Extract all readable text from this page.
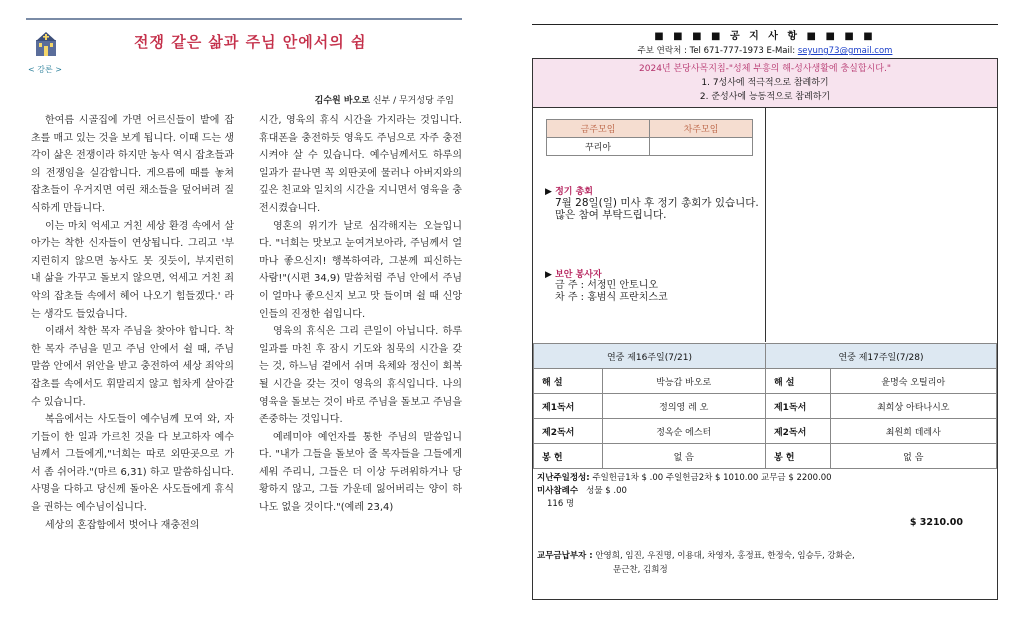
< 강론 >
전쟁 같은 삶과 주님 안에서의 쉼
김수원 바오로 신부 / 무거성당 주임

한여름 시골집에 가면 어르신들이 밭에 잡초를 매고 있는 것을 보게 됩니다. 이때 드는 생각이 삶은 전쟁이라 하지만 농사 역시 잡초들과의 전쟁임을 실감합니다. 게으름에 때를 놓쳐 잡초들이 우거지면 여린 채소들을 덮어버려 질식하게 만듭니다.

이는 마치 억세고 거친 세상 환경 속에서 살아가는 착한 신자들이 연상됩니다. 그리고 '부지런히지 않으면 농사도 못 짓듯이, 부지런히 내 삶을 가꾸고 돌보지 않으면, 억세고 거친 죄악의 잡초들 속에서 헤어 나오기 힘들겠다.' 라는 생각도 들었습니다.

이래서 착한 목자 주님을 찾아야 합니다. 착한 목자 주님을 믿고 주님 안에서 쉴 때, 주님 말씀 안에서 위안을 받고 충전하여 세상 죄악의 잡초를 속에서도 휘말리지 않고 힘차게 살아갈 수 있습니다.

복음에서는 사도들이 예수님께 모여 와, 자기들이 한 일과 가르친 것을 다 보고하자 예수님께서 그들에게,"너희는 따로 외딴곳으로 가서 좀 쉬어라."(마르 6,31) 하고 말씀하십니다. 사명을 다하고 당신께 돌아온 사도들에게 휴식을 권하는 예수님이십니다.

세상의 혼잡함에서 벗어나 재충전의

시간, 영육의 휴식 시간을 가지라는 것입니다. 휴대폰을 충전하듯 영육도 주님으로 자주 충전시켜야 살 수 있습니다. 예수님께서도 하루의 일과가 끝나면 꼭 외딴곳에 물러나 아버지와의 깊은 친교와 일치의 시간을 지니면서 영육을 충전시켰습니다.

영혼의 위기가 날로 심각해지는 오늘입니다. "너희는 맛보고 눈여겨보아라, 주님께서 얼마나 좋으신지! 행복하여라, 그분께 피신하는 사람!"(시편 34,9) 말씀처럼 주님 안에서 주님이 얼마나 좋으신지 보고 맛 들이며 쉴 때 신앙인들의 진정한 쉼입니다.

영육의 휴식은 그리 큰일이 아닙니다. 하루 일과를 마친 후 잠시 기도와 침묵의 시간을 갖는 것, 하느님 곁에서 쉬며 육체와 정신이 회복될 시간을 갖는 것이 영육의 휴식입니다. 나의 영육을 돌보는 것이 바로 주님을 돌보고 주님을 존중하는 것입니다.

예레미야 예언자를 통한 주님의 말씀입니다. "내가 그들을 돌보아 줄 목자들을 그들에게 세워 주리니, 그들은 더 이상 두려워하거나 당황하지 않고, 그들 가운데 잃어버리는 양이 하나도 없을 것이다."(예레 23,4)

■ ■ ■ ■ 공 지 사 항 ■ ■ ■ ■
주보 연락처 : Tel 671-777-1973 E-Mail: seyung73@gmail.com
2024년 본당사목지침-"성체 부흥의 해-성사생활에 충실합시다."
1. 7성사에 적극적으로 참례하기
2. 준성사에 능동적으로 참례하기
금주모임	차주모임
꾸리아	
▶ 정기 총회
7월 28일(일) 미사 후 정기 총회가 있습니다. 많은 참여 부탁드립니다.
▶ 보안 봉사자
금 주 : 서정민 안토니오
차 주 : 홍범식 프란치스코
연중 제16주일(7/21)		연중 제17주일(7/28)	
해 설	박능갑 바오로	해 설	윤명숙 오틸리아
제1독서	정의영 레 오	제1독서	최희상 아타나시오
제2독서	정옥순 에스터	제2독서	최원희 데레사
봉 헌	없 음	봉 헌	없 음
지난주일정성: 주일헌금1차 $ .00 주일헌금2차 $ 1010.00 교무금 $ 2200.00
미사참례수 성물 $ .00
116 명
$ 3210.00
교무금납부자 : 안영희, 임진, 우진명, 이용대, 차영자, 홍정표, 한정숙, 임승두, 강화순,
문근찬, 김희정
